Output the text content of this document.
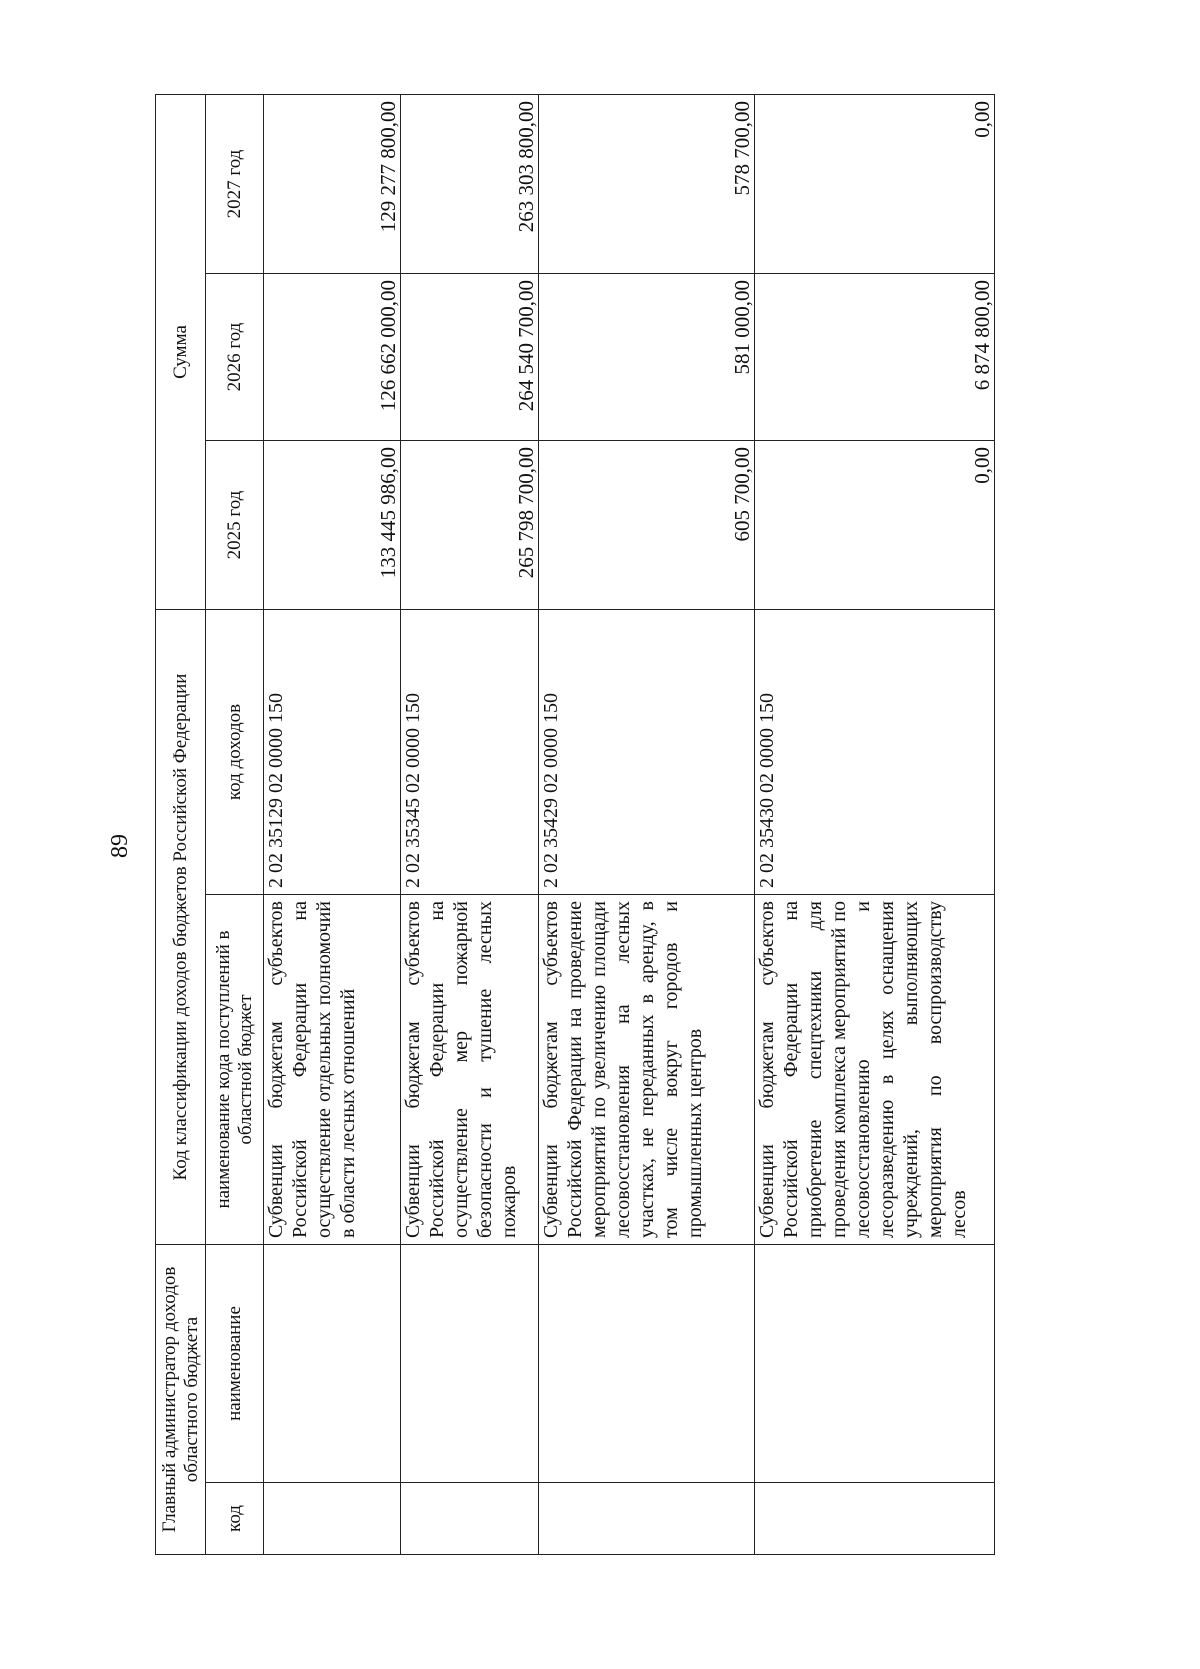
89
Главный администратор доходов областного бюджета		Код классификации доходов бюджетов Российской Федерации		Сумма		
код	наименование	наименование кода поступлений в областной бюджет	код доходов	2025 год	2026 год	2027 год
		Субвенции бюджетам субъектов Российской Федерации на осуществление отдельных полномочий в области лесных отношений	2 02 35129 02 0000 150	133 445 986,00	126 662 000,00	129 277 800,00
		Субвенции бюджетам субъектов Российской Федерации на осуществление мер пожарной безопасности и тушение лесных пожаров	2 02 35345 02 0000 150	265 798 700,00	264 540 700,00	263 303 800,00
		Субвенции бюджетам субъектов Российской Федерации на проведение мероприятий по увеличению площади лесовосстановления на лесных участках, не переданных в аренду, в том числе вокруг городов и промышленных центров	2 02 35429 02 0000 150	605 700,00	581 000,00	578 700,00
		Субвенции бюджетам субъектов Российской Федерации на приобретение спецтехники для проведения комплекса мероприятий по лесовосстановлению и лесоразведению в целях оснащения учреждений, выполняющих мероприятия по воспроизводству лесов	2 02 35430 02 0000 150	0,00	6 874 800,00	0,00
